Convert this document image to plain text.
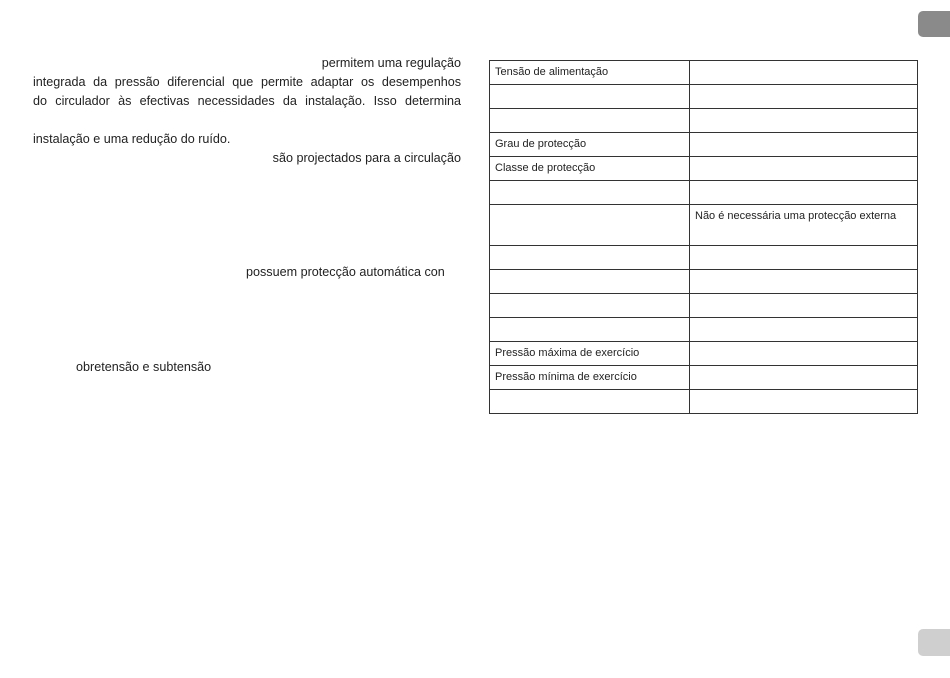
permitem uma regulação
integrada da pressão diferencial que permite adaptar os desempenhos
do circulador às efectivas necessidades da instalação. Isso determina
instalação e uma redução do ruído.
são projectados para a circulação
possuem protecção automática con
obretensão e subtensão
Tensão de alimentação	

Grau de protecção	
Classe de protecção	

	Não é necessária uma protecção externa

Pressão máxima de exercício	
Pressão mínima de exercício	
